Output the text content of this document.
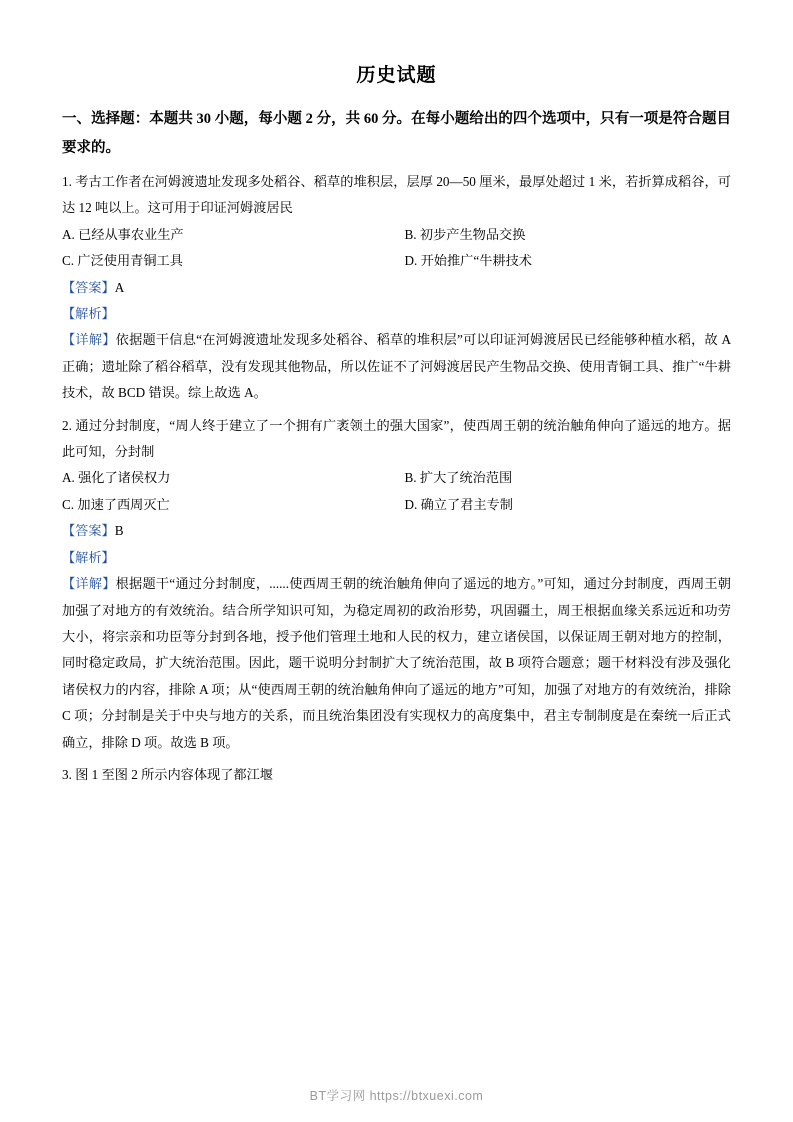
历史试题
一、选择题：本题共 30 小题，每小题 2 分，共 60 分。在每小题给出的四个选项中，只有一项是符合题目要求的。
1. 考古工作者在河姆渡遗址发现多处稻谷、稻草的堆积层，层厚 20—50 厘米，最厚处超过 1 米，若折算成稻谷，可达 12 吨以上。这可用于印证河姆渡居民
A. 已经从事农业生产	B. 初步产生物品交换
C. 广泛使用青铜工具	D. 开始推广“牛耕技术
【答案】A
【解析】
【详解】依据题干信息“在河姆渡遗址发现多处稻谷、稻草的堆积层”可以印证河姆渡居民已经能够种植水稻，故 A 正确；遗址除了稻谷稻草，没有发现其他物品，所以佐证不了河姆渡居民产生物品交换、使用青铜工具、推广“牛耕技术，故 BCD 错误。综上故选 A。
2. 通过分封制度，“周人终于建立了一个拥有广袤领土的强大国家”，使西周王朝的统治触角伸向了遥远的地方。据此可知，分封制
A. 强化了诸侯权力	B. 扩大了统治范围
C. 加速了西周灭亡	D. 确立了君主专制
【答案】B
【解析】
【详解】根据题干“通过分封制度，......使西周王朝的统治触角伸向了遥远的地方。”可知，通过分封制度，西周王朝加强了对地方的有效统治。结合所学知识可知，为稳定周初的政治形势，巩固疆土，周王根据血缘关系远近和功劳大小，将宗亲和功臣等分封到各地，授予他们管理土地和人民的权力，建立诸侯国，以保证周王朝对地方的控制，同时稳定政局，扩大统治范围。因此，题干说明分封制扩大了统治范围，故 B 项符合题意；题干材料没有涉及强化诸侯权力的内容，排除 A 项；从“使西周王朝的统治触角伸向了遥远的地方”可知，加强了对地方的有效统治，排除 C 项；分封制是关于中央与地方的关系，而且统治集团没有实现权力的高度集中，君主专制制度是在秦统一后正式确立，排除 D 项。故选 B 项。
3. 图 1 至图 2 所示内容体现了都江堰
BT学习网 https://btxuexi.com
